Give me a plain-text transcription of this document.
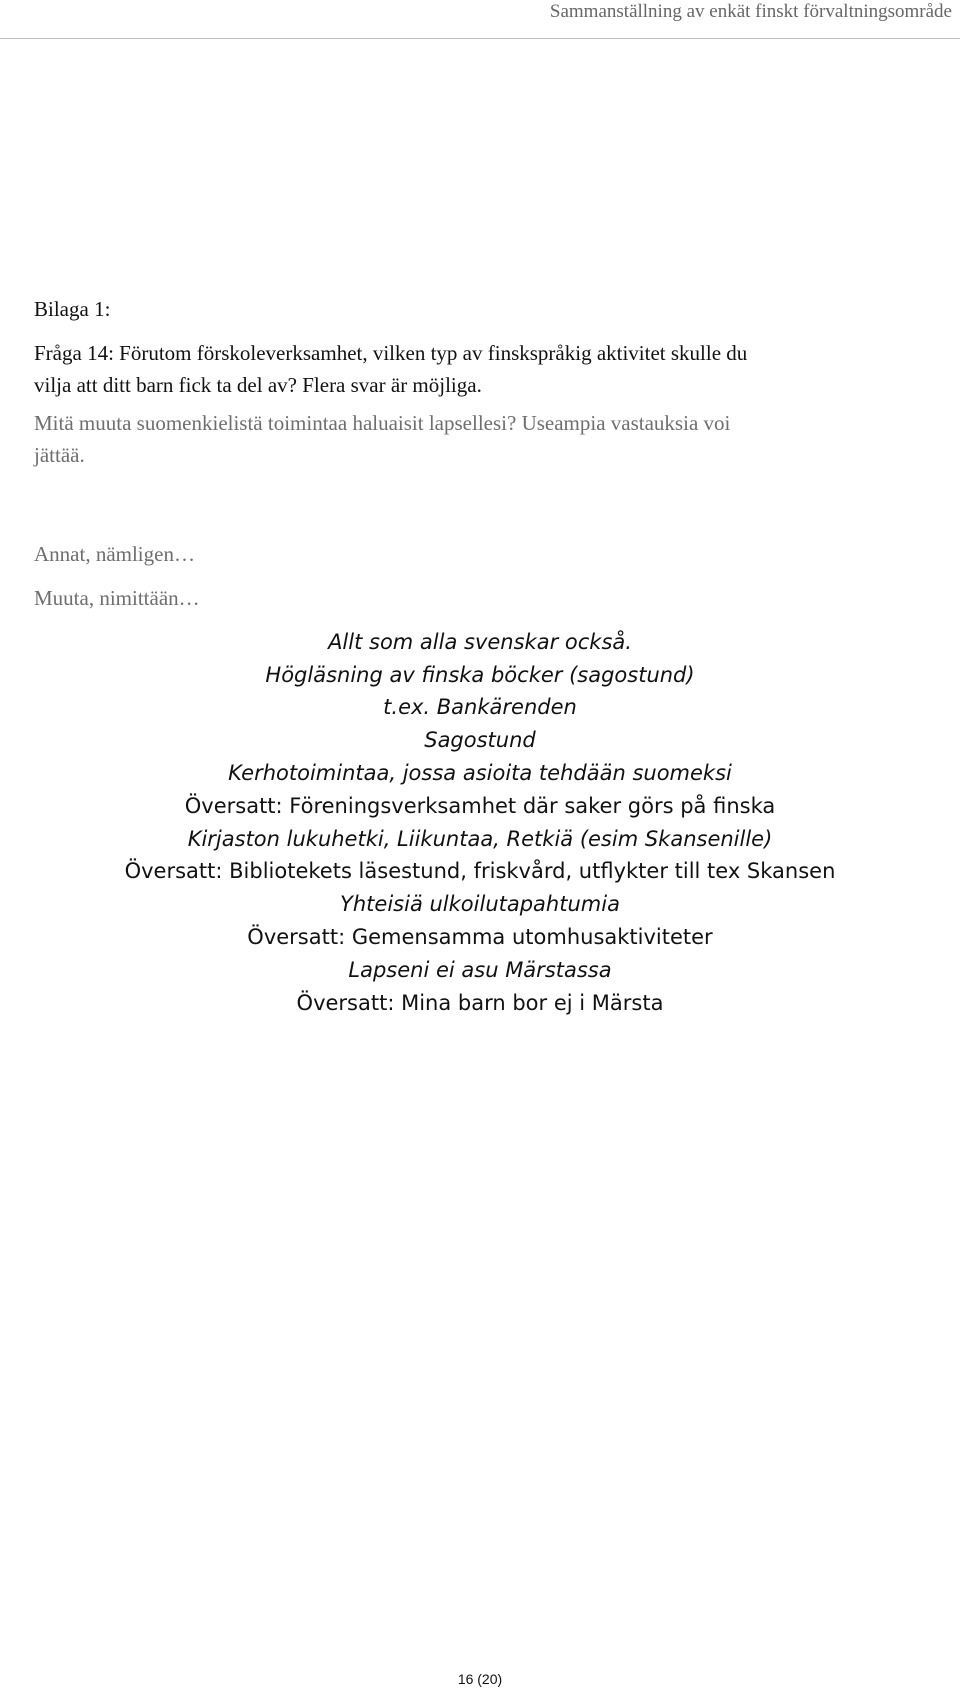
Sammanställning av enkät finskt förvaltningsområde
Bilaga 1:
Fråga 14: Förutom förskoleverksamhet, vilken typ av finskspråkig aktivitet skulle du
vilja att ditt barn fick ta del av? Flera svar är möjliga.
Mitä muuta suomenkielistä toimintaa haluaisit lapsellesi? Useampia vastauksia voi
jättää.
Annat, nämligen…
Muuta, nimittään…
Allt som alla svenskar också.
Högläsning av finska böcker (sagostund)
t.ex. Bankärenden
Sagostund
Kerhotoimintaa, jossa asioita tehdään suomeksi
Översatt: Föreningsverksamhet där saker görs på finska
Kirjaston lukuhetki, Liikuntaa, Retkiä (esim Skansenille)
Översatt: Bibliotekets läsestund, friskvård, utflykter till tex Skansen
Yhteisiä ulkoilutapahtumia
Översatt: Gemensamma utomhusaktiviteter
Lapseni ei asu Märstassa
Översatt: Mina barn bor ej i Märsta
16 (20)
